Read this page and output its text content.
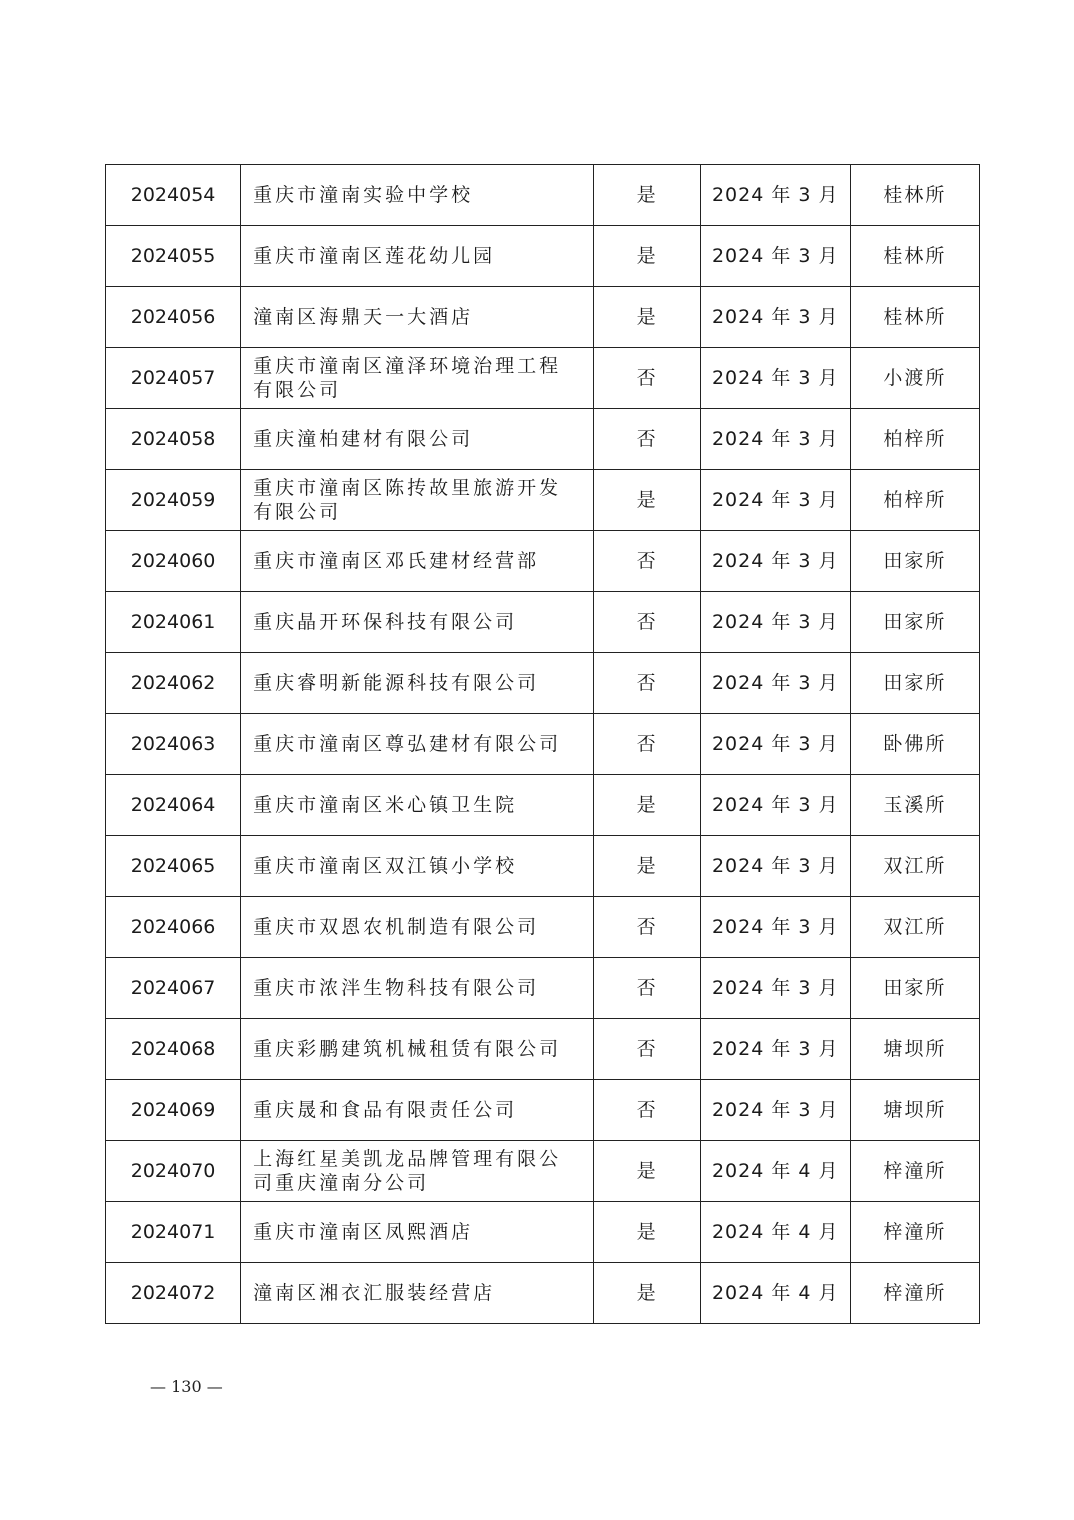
2024054	重庆市潼南实验中学校	是	2024 年 3 月	桂林所
2024055	重庆市潼南区莲花幼儿园	是	2024 年 3 月	桂林所
2024056	潼南区海鼎天一大酒店	是	2024 年 3 月	桂林所
2024057	重庆市潼南区潼泽环境治理工程有限公司	否	2024 年 3 月	小渡所
2024058	重庆潼柏建材有限公司	否	2024 年 3 月	柏梓所
2024059	重庆市潼南区陈抟故里旅游开发有限公司	是	2024 年 3 月	柏梓所
2024060	重庆市潼南区邓氏建材经营部	否	2024 年 3 月	田家所
2024061	重庆晶开环保科技有限公司	否	2024 年 3 月	田家所
2024062	重庆睿明新能源科技有限公司	否	2024 年 3 月	田家所
2024063	重庆市潼南区尊弘建材有限公司	否	2024 年 3 月	卧佛所
2024064	重庆市潼南区米心镇卫生院	是	2024 年 3 月	玉溪所
2024065	重庆市潼南区双江镇小学校	是	2024 年 3 月	双江所
2024066	重庆市双恩农机制造有限公司	否	2024 年 3 月	双江所
2024067	重庆市浓泮生物科技有限公司	否	2024 年 3 月	田家所
2024068	重庆彩鹏建筑机械租赁有限公司	否	2024 年 3 月	塘坝所
2024069	重庆晟和食品有限责任公司	否	2024 年 3 月	塘坝所
2024070	上海红星美凯龙品牌管理有限公司重庆潼南分公司	是	2024 年 4 月	梓潼所
2024071	重庆市潼南区凤熙酒店	是	2024 年 4 月	梓潼所
2024072	潼南区湘衣汇服装经营店	是	2024 年 4 月	梓潼所
— 130 —
